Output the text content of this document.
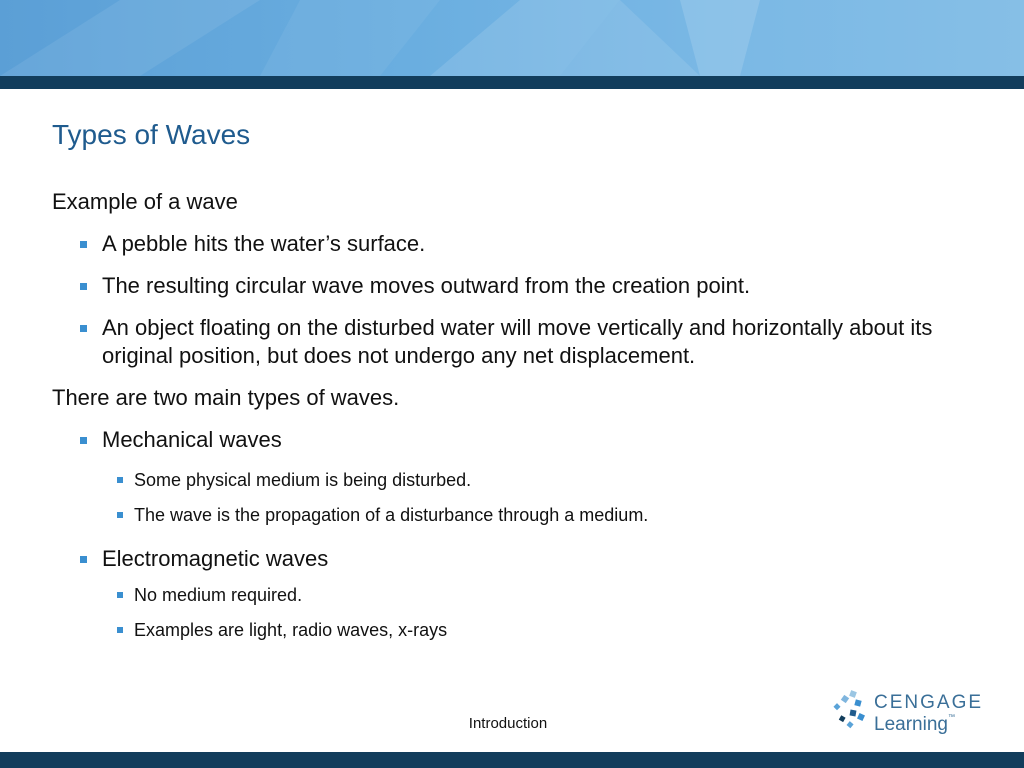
Types of Waves

Example of a wave

A pebble hits the water’s surface.
The resulting circular wave moves outward from the creation point.
An object floating on the disturbed water will move vertically and horizontally about its original position, but does not undergo any net displacement.

There are two main types of waves.

Mechanical waves
Some physical medium is being disturbed.
The wave is the propagation of a disturbance through a medium.
Electromagnetic waves
No medium required.
Examples are light, radio waves, x-rays
Introduction
CENGAGE
Learning™
